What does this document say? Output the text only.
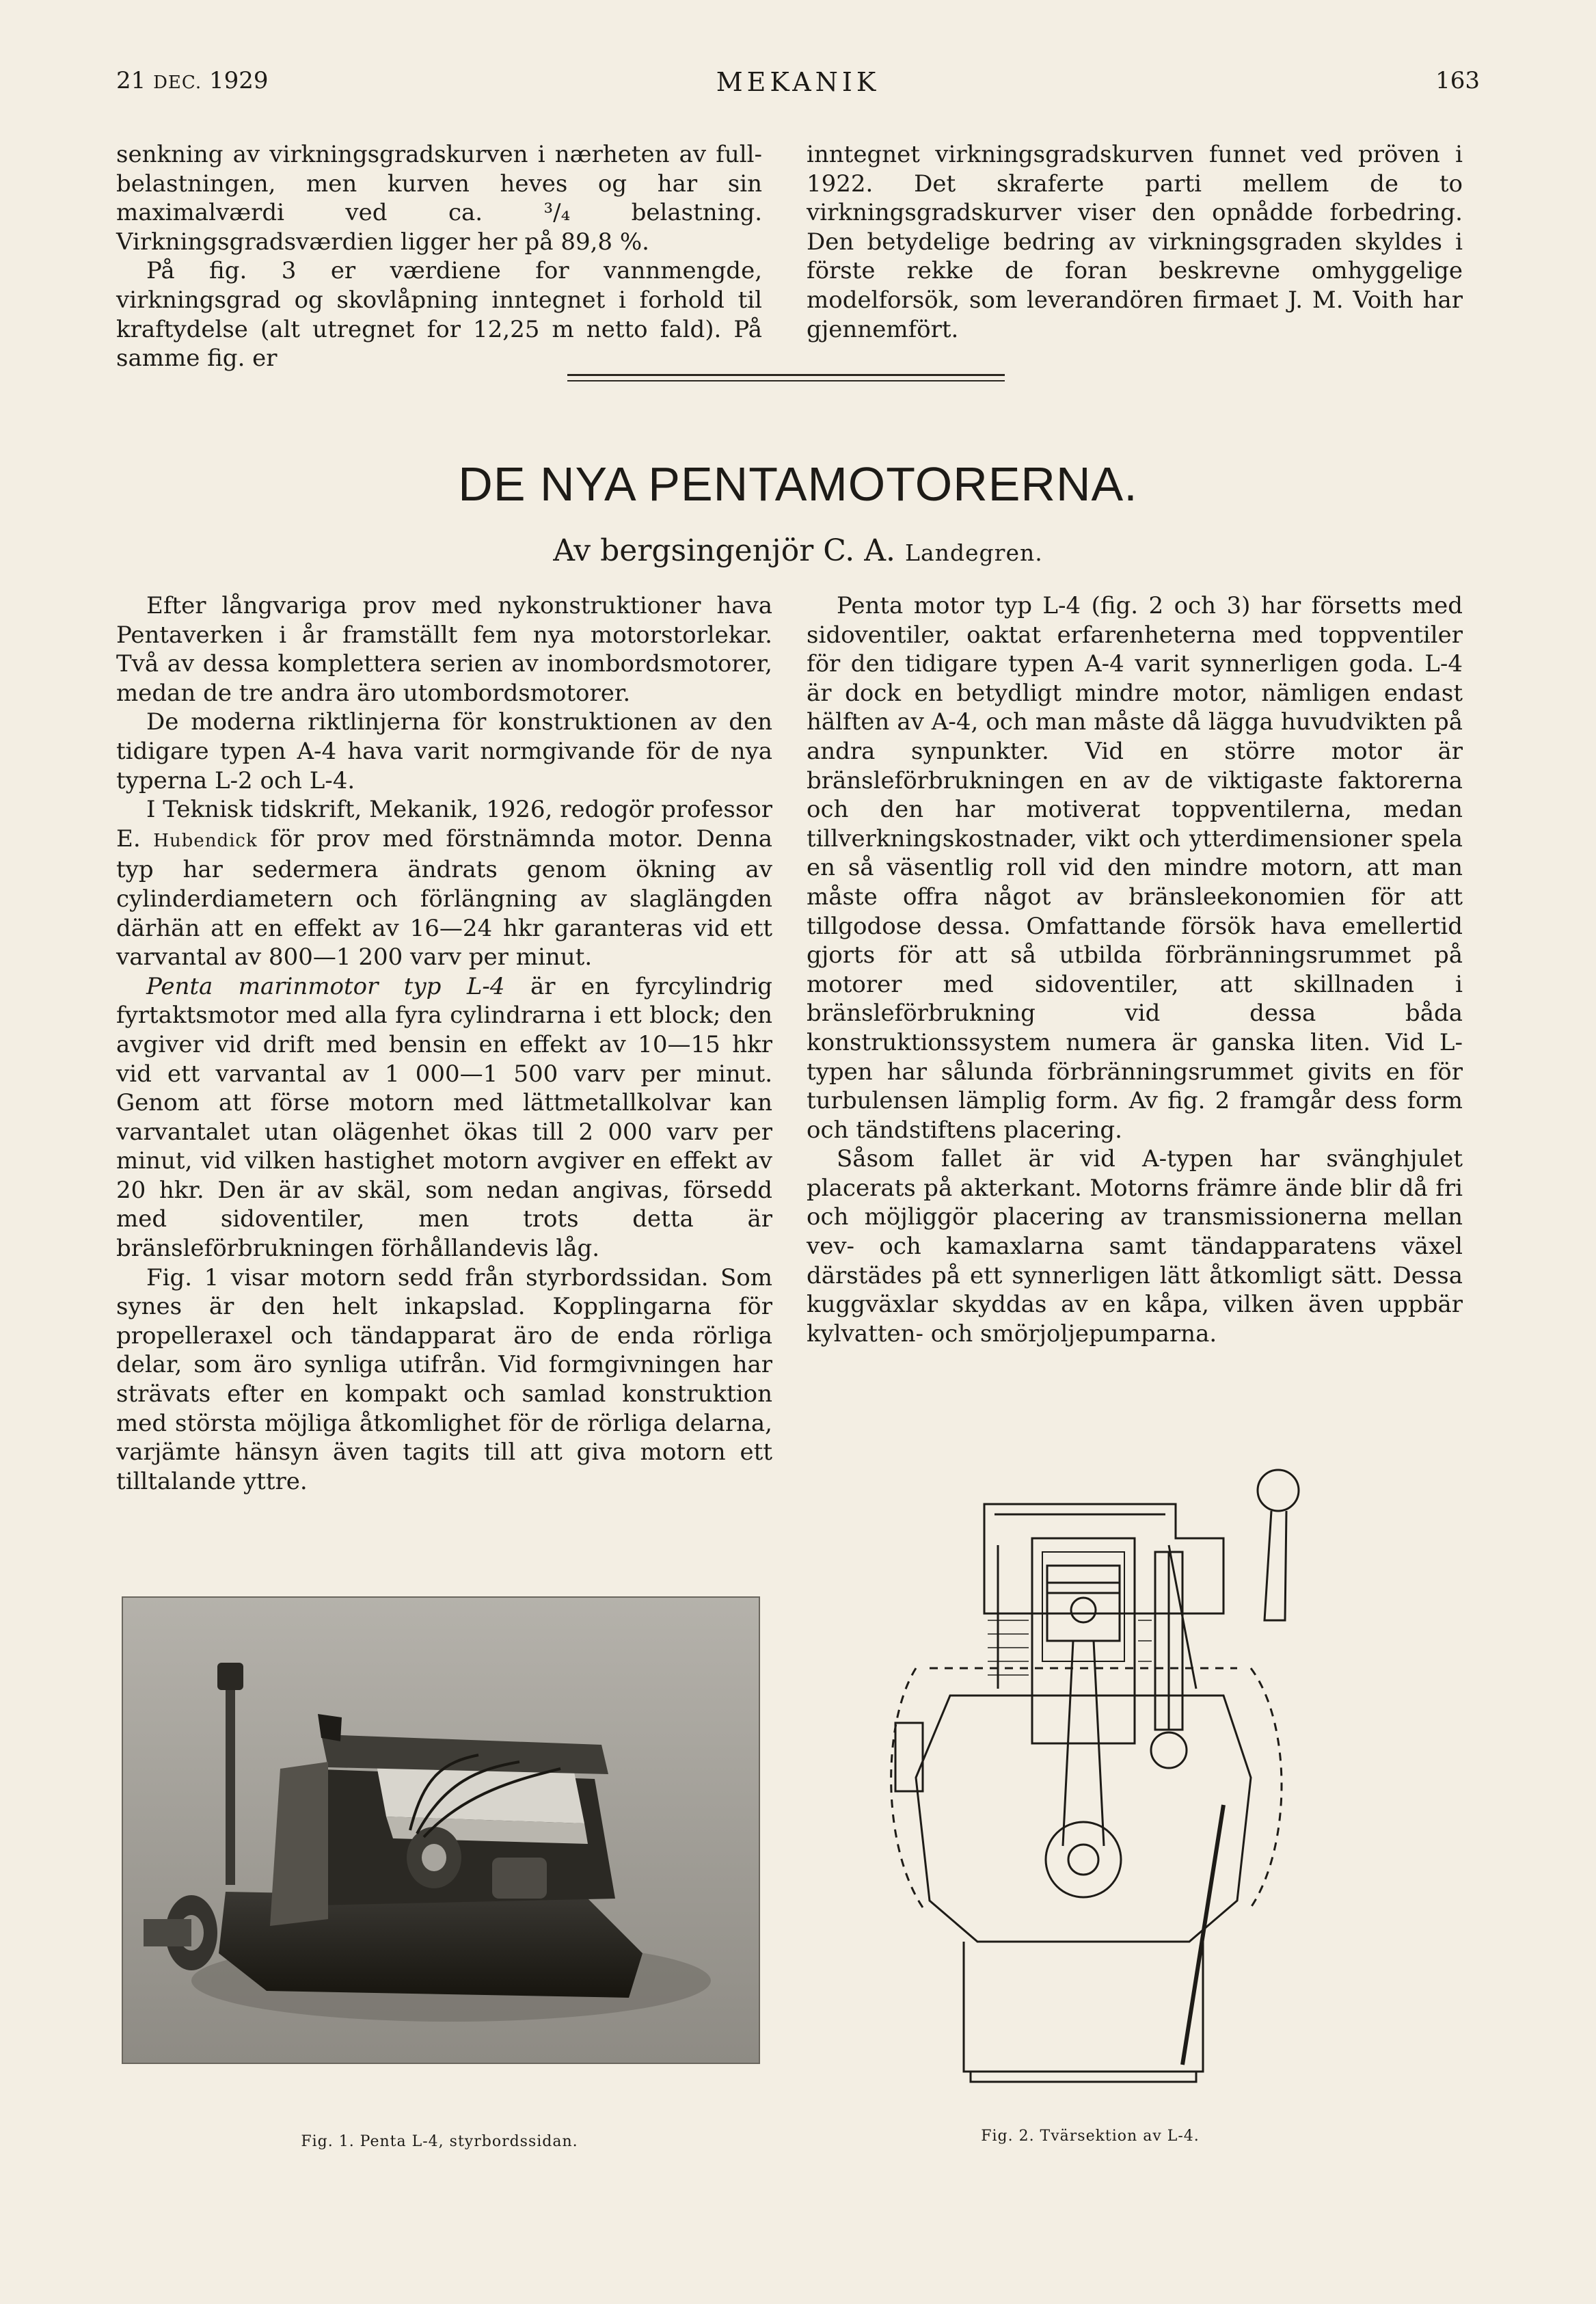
21 DEC. 1929	MEKANIK	163

senkning av virkningsgradskurven i nærheten av full-belastningen, men kurven heves og har sin maximalværdi ved ca. ³/₄ belastning. Virkningsgradsværdien ligger her på 89,8 %.

På fig. 3 er værdiene for vannmengde, virkningsgrad og skovlåpning inntegnet i forhold til kraftydelse (alt utregnet for 12,25 m netto fald). På samme fig. er

inntegnet virkningsgradskurven funnet ved pröven i 1922. Det skraferte parti mellem de to virkningsgradskurver viser den opnådde forbedring. Den betydelige bedring av virkningsgraden skyldes i förste rekke de foran beskrevne omhyggelige modelforsök, som leverandören firmaet J. M. Voith har gjennemfört.

DE NYA PENTAMOTORERNA.
Av bergsingenjör C. A. Landegren.

Efter långvariga prov med nykonstruktioner hava Pentaverken i år framställt fem nya motorstorlekar. Två av dessa komplettera serien av inombordsmotorer, medan de tre andra äro utombordsmotorer.

De moderna riktlinjerna för konstruktionen av den tidigare typen A-4 hava varit normgivande för de nya typerna L-2 och L-4.

I Teknisk tidskrift, Mekanik, 1926, redogör professor E. Hubendick för prov med förstnämnda motor. Denna typ har sedermera ändrats genom ökning av cylinderdiametern och förlängning av slaglängden därhän att en effekt av 16—24 hkr garanteras vid ett varvantal av 800—1 200 varv per minut.

Penta marinmotor typ L-4 är en fyrcylindrig fyrtaktsmotor med alla fyra cylindrarna i ett block; den avgiver vid drift med bensin en effekt av 10—15 hkr vid ett varvantal av 1 000—1 500 varv per minut. Genom att förse motorn med lättmetallkolvar kan varvantalet utan olägenhet ökas till 2 000 varv per minut, vid vilken hastighet motorn avgiver en effekt av 20 hkr. Den är av skäl, som nedan angivas, försedd med sidoventiler, men trots detta är bränsleförbrukningen förhållandevis låg.

Fig. 1 visar motorn sedd från styrbordssidan. Som synes är den helt inkapslad. Kopplingarna för propelleraxel och tändapparat äro de enda rörliga delar, som äro synliga utifrån. Vid formgivningen har strävats efter en kompakt och samlad konstruktion med största möjliga åtkomlighet för de rörliga delarna, varjämte hänsyn även tagits till att giva motorn ett tilltalande yttre.

Penta motor typ L-4 (fig. 2 och 3) har försetts med sidoventiler, oaktat erfarenheterna med toppventiler för den tidigare typen A-4 varit synnerligen goda. L-4 är dock en betydligt mindre motor, nämligen endast hälften av A-4, och man måste då lägga huvudvikten på andra synpunkter. Vid en större motor är bränsleförbrukningen en av de viktigaste faktorerna och den har motiverat toppventilerna, medan tillverkningskostnader, vikt och ytterdimensioner spela en så väsentlig roll vid den mindre motorn, att man måste offra något av bränsleekonomien för att tillgodose dessa. Omfattande försök hava emellertid gjorts för att så utbilda förbränningsrummet på motorer med sidoventiler, att skillnaden i bränsleförbrukning vid dessa båda konstruktionssystem numera är ganska liten. Vid L-typen har sålunda förbränningsrummet givits en för turbulensen lämplig form. Av fig. 2 framgår dess form och tändstiftens placering.

Såsom fallet är vid A-typen har svänghjulet placerats på akterkant. Motorns främre ände blir då fri och möjliggör placering av transmissionerna mellan vev- och kamaxlarna samt tändapparatens växel därstädes på ett synnerligen lätt åtkomligt sätt. Dessa kuggväxlar skyddas av en kåpa, vilken även uppbär kylvatten- och smörjoljepumparna.

Fig. 1. Penta L-4, styrbordssidan.	Fig. 2. Tvärsektion av L-4.
